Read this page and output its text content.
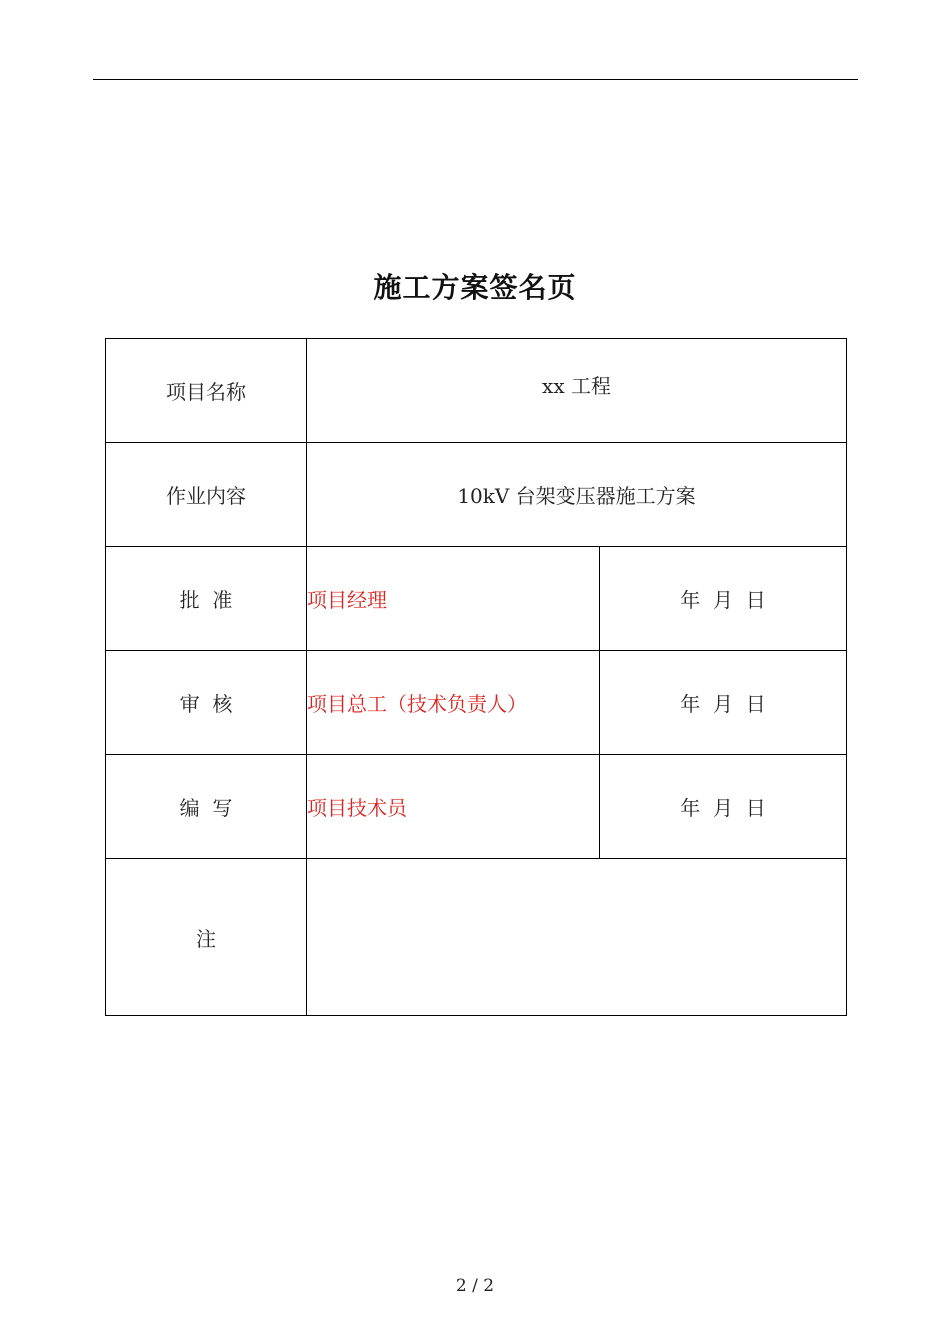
施工方案签名页
项目名称	xx 工程	
作业内容	10kV 台架变压器施工方案	
批  准	项目经理	年  月  日
审  核	项目总工（技术负责人）	年  月  日
编  写	项目技术员	年  月  日
注		
2 / 2
